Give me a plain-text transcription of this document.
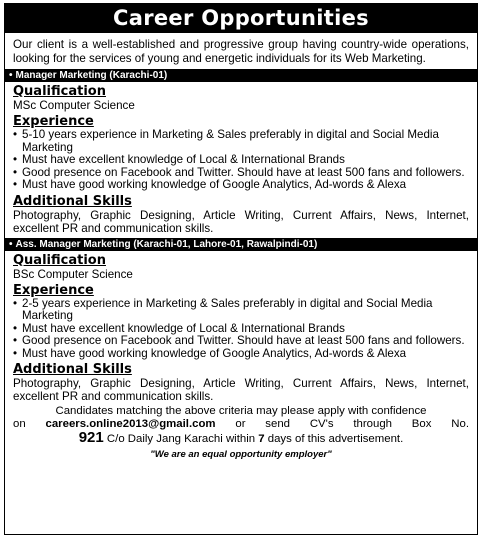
Career Opportunities

Our client is a well-established and progressive group having country-wide operations, looking for the services of young and energetic individuals for its Web Marketing.

• Manager Marketing (Karachi-01)
Qualification
MSc Computer Science
Experience
• 5-10 years experience in Marketing & Sales preferably in digital and Social Media Marketing
• Must have excellent knowledge of Local & International Brands
• Good presence on Facebook and Twitter. Should have at least 500 fans and followers.
• Must have good working knowledge of Google Analytics, Ad-words & Alexa
Additional Skills
Photography, Graphic Designing, Article Writing, Current Affairs, News, Internet, excellent PR and communication skills.
• Ass. Manager Marketing (Karachi-01, Lahore-01, Rawalpindi-01)
Qualification
BSc Computer Science
Experience
• 2-5 years experience in Marketing & Sales preferably in digital and Social Media Marketing
• Must have excellent knowledge of Local & International Brands
• Good presence on Facebook and Twitter. Should have at least 500 fans and followers.
• Must have good working knowledge of Google Analytics, Ad-words & Alexa
Additional Skills
Photography, Graphic Designing, Article Writing, Current Affairs, News, Internet, excellent PR and communication skills.
Candidates matching the above criteria may please apply with confidence
on careers.online2013@gmail.com or send CV's through Box No.
921 C/o Daily Jang Karachi within 7 days of this advertisement.
"We are an equal opportunity employer"
